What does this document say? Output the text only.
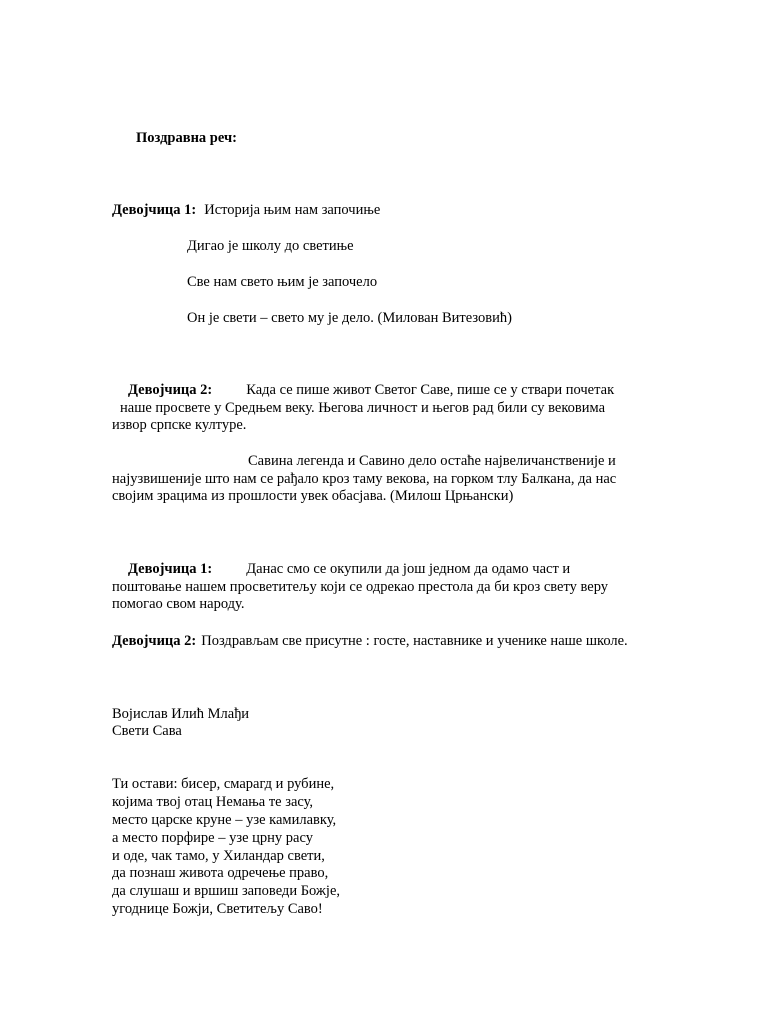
Поздравна реч:
Девојчица 1: Историја њим нам започиње
Дигао је школу до светиње
Све нам свето њим је започело
Он је свети – свето му је дело. (Милован Витезовић)
Девојчица 2: Када се пише живот Светог Саве, пише се у ствари почетак
наше просвете у Средњем веку. Његова личност и његов рад били су вековима
извор српске културе.
Савина легенда и Савино дело остаће највеличанственије и
најузвишеније што нам се рађало кроз таму векова, на горком тлу Балкана, да нас
својим зрацима из прошлости увек обасјава. (Милош Црњански)
Девојчица 1: Данас смо се окупили да још једном да одамо част и
поштовање нашем просветитељу који се одрекао престола да би кроз свету веру
помогао свом народу.
Девојчица 2: Поздрављам све присутне : госте, наставнике и ученике наше школе.
Војислав Илић Млађи
Свети Сава
Ти остави: бисер, смарагд и рубине,
којима твој отац Немања те засу,
место царске круне – узе камилавку,
а место порфире – узе црну расу
и оде, чак тамо, у Хиландар свети,
да познаш живота одречење право,
да слушаш и вршиш заповеди Божје,
угоднице Божји, Светитељу Саво!
